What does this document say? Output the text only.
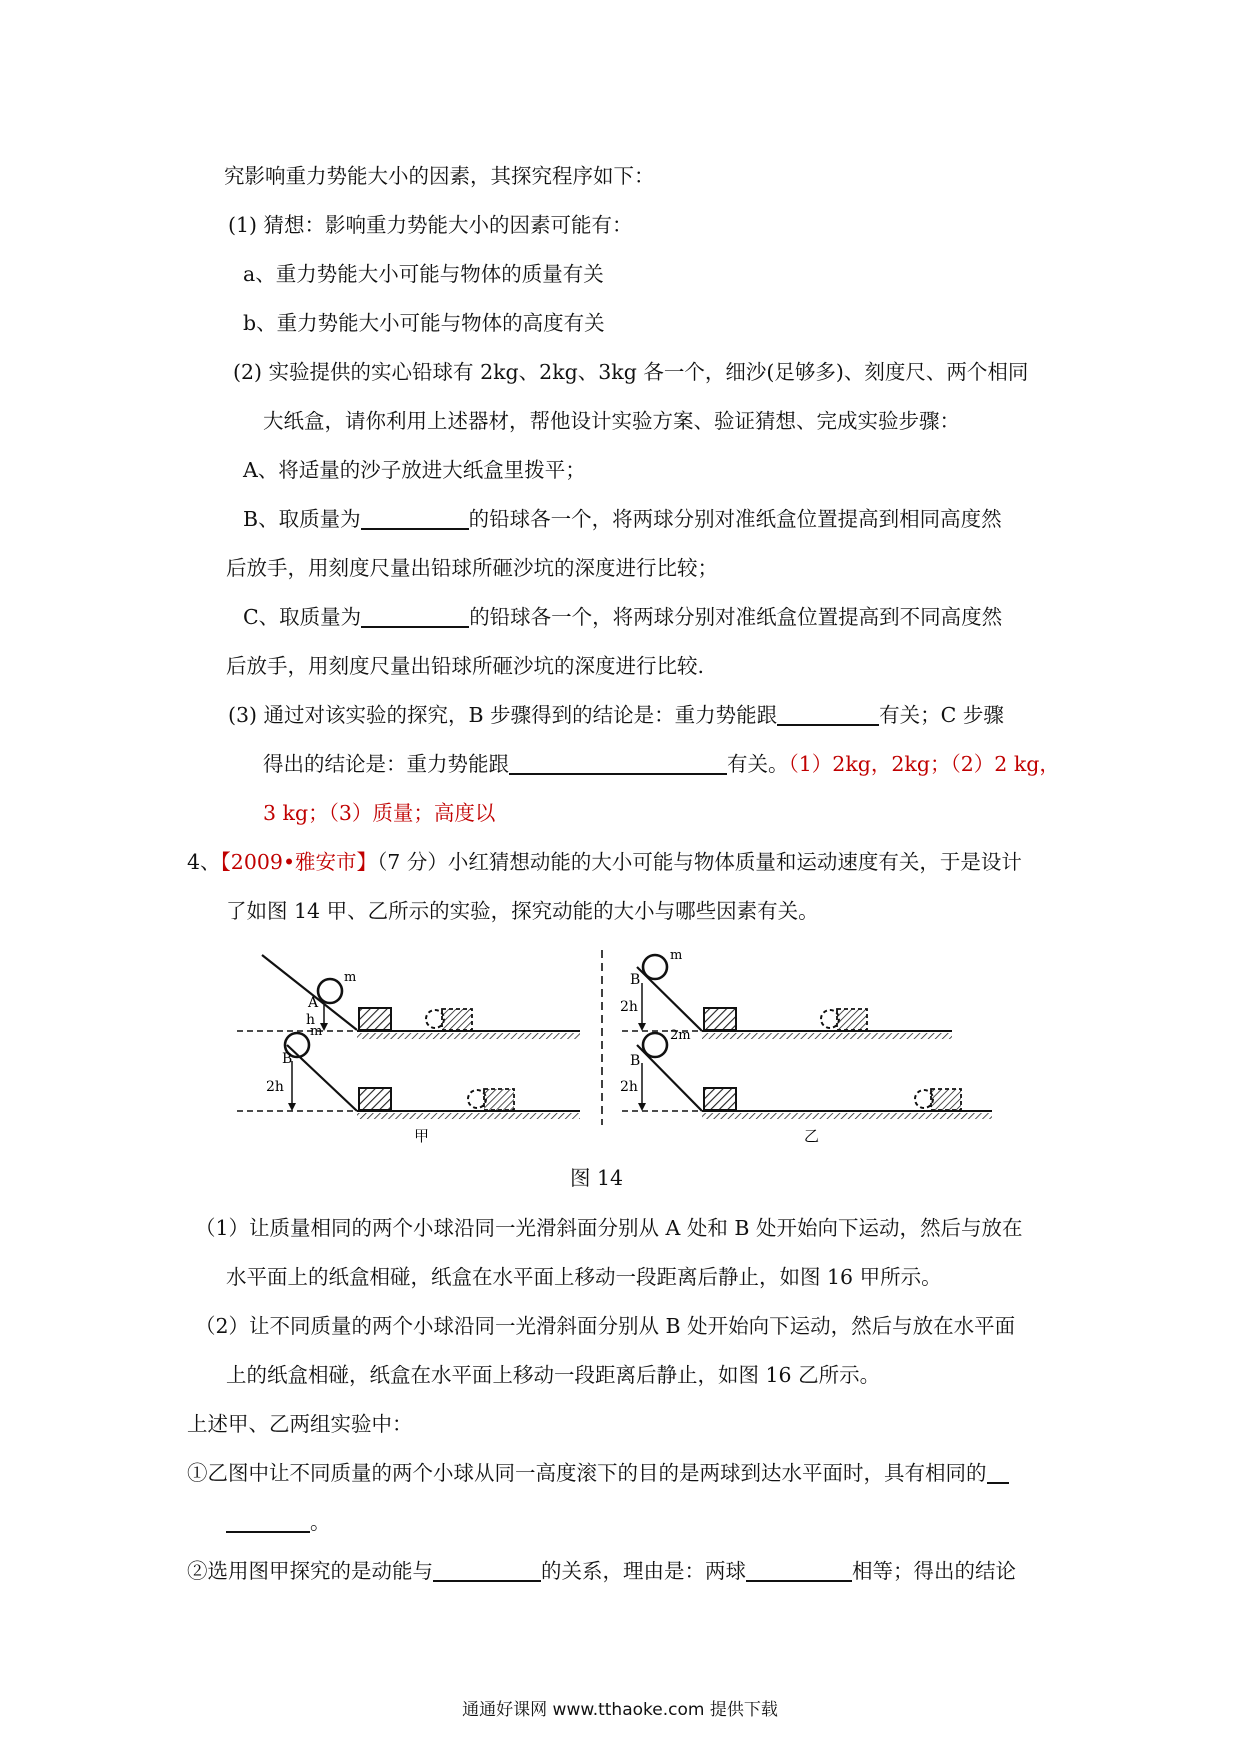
究影响重力势能大小的因素，其探究程序如下：
(1) 猜想：影响重力势能大小的因素可能有：
a、重力势能大小可能与物体的质量有关
b、重力势能大小可能与物体的高度有关
(2) 实验提供的实心铅球有 2kg、2kg、3kg 各一个，细沙(足够多)、刻度尺、两个相同
大纸盒，请你利用上述器材，帮他设计实验方案、验证猜想、完成实验步骤：
A、将适量的沙子放进大纸盒里拨平；
B、取质量为	的铅球各一个，将两球分别对准纸盒位置提高到相同高度然
后放手，用刻度尺量出铅球所砸沙坑的深度进行比较；
C、取质量为	的铅球各一个，将两球分别对准纸盒位置提高到不同高度然
后放手，用刻度尺量出铅球所砸沙坑的深度进行比较.
(3) 通过对该实验的探究，B 步骤得到的结论是：重力势能跟	有关；C 步骤
得出的结论是：重力势能跟	有关。（1）2kg，2kg；（2）2 kg，
3 kg；（3）质量；高度以
4、【2009•雅安市】（7 分）小红猜想动能的大小可能与物体质量和运动速度有关，于是设计
了如图 14 甲、乙所示的实验，探究动能的大小与哪些因素有关。
m
A
h
m
B
2h
甲
m
B
2h
2m
B
2h
乙
图 14
（1）让质量相同的两个小球沿同一光滑斜面分别从 A 处和 B 处开始向下运动，然后与放在
水平面上的纸盒相碰，纸盒在水平面上移动一段距离后静止，如图 16 甲所示。
（2）让不同质量的两个小球沿同一光滑斜面分别从 B 处开始向下运动，然后与放在水平面
上的纸盒相碰，纸盒在水平面上移动一段距离后静止，如图 16 乙所示。
上述甲、乙两组实验中：
①乙图中让不同质量的两个小球从同一高度滚下的目的是两球到达水平面时，具有相同的
。
②选用图甲探究的是动能与	的关系，理由是：两球	相等；得出的结论
通通好课网 www.tthaoke.com 提供下载
